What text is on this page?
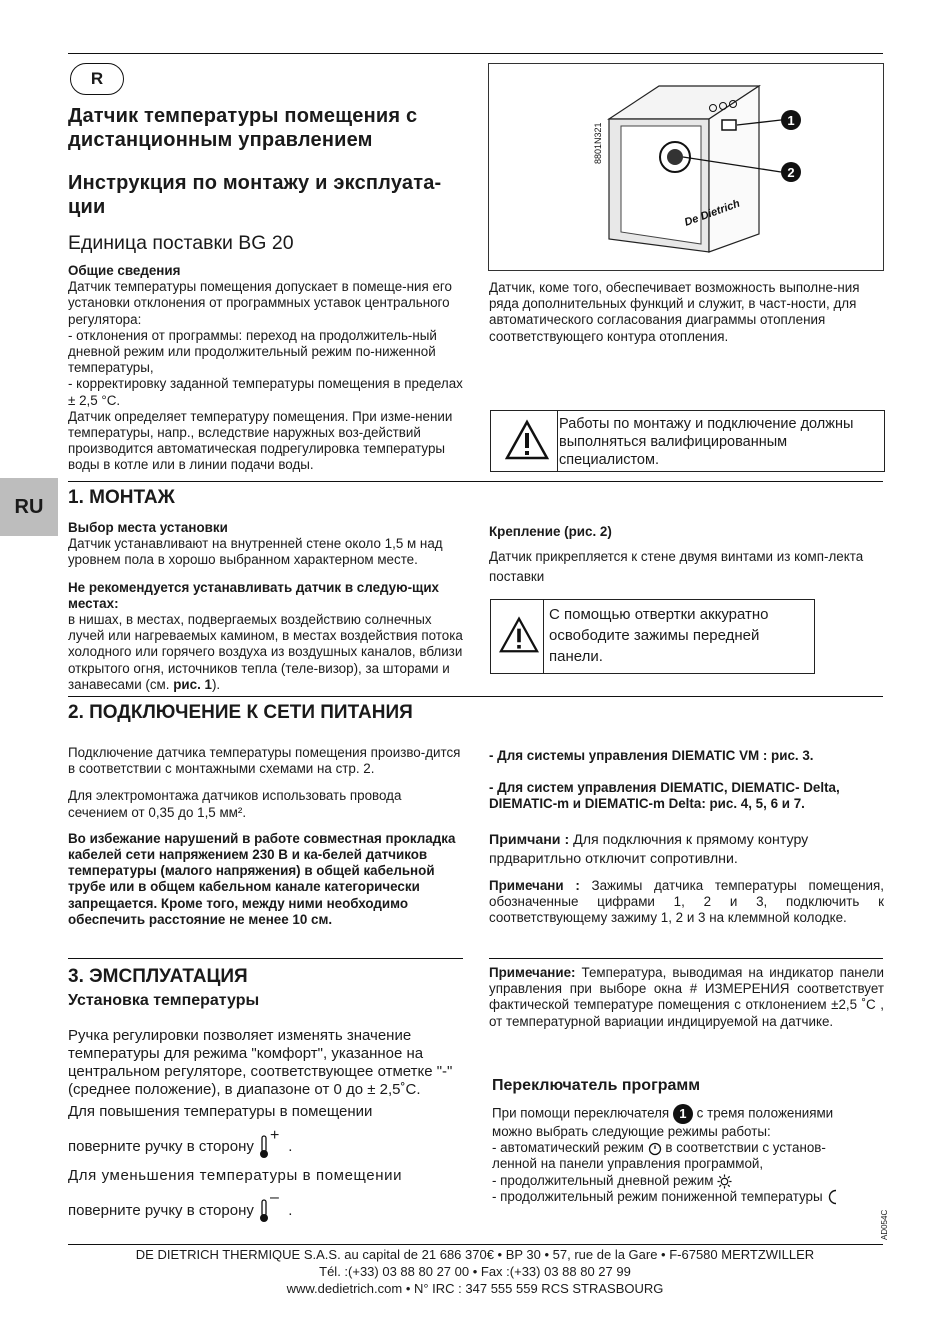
R
RU
Датчик температуры помещения с дистанционным управлением
Инструкция по монтажу и эксплуата-ции
Единица поставки BG 20
Общие сведения
Датчик температуры помещения допускает в помеще-ния его установки отклонения от программных уставок центрального регулятора:
- отклонения от программы: переход на продолжитель-ный дневной режим или продолжительный режим по-ниженной температуры,
- корректировку заданной температуры помещения в пределах ± 2,5 °C.
Датчик определяет температуру помещения. При изме-нении температуры, напр., вследствие наружных воз-действий производится автоматическая подрегулировка температуры воды в котле или в линии подачи воды.
De Dietrich
8801N321
1
2
Датчик, коме того, обеспечивает возможность выполне-ния ряда дополнительных функций и служит, в част-ности, для автоматического согласования диаграммы отопления соответствующего контура отопления.
Работы по монтажу и подключение должны выполняться валифицированным специалистом.
1. МОНТАЖ
Выбор места установки
Датчик устанавливают на внутренней стене около 1,5 м над уровнем пола в хорошо выбранном характерном месте.
Не рекомендуется устанавливать датчик в следую-щих местах:
в нишах, в местах, подвергаемых воздействию солнечных лучей или нагреваемых камином, в местах воздействия потока холодного или горячего воздуха из воздушных каналов, вблизи открытого огня, источников тепла (теле-визор), за шторами и занавесами (см. рис. 1).
Крепление (рис. 2)
Датчик прикрепляется к стене двумя винтами из комп-лекта поставки
С помощью отвертки аккуратно освободите зажимы передней панели.
2. ПОДКЛЮЧЕНИЕ К СЕТИ ПИТАНИЯ
Подключение датчика температуры помещения произво-дится в соответствии с монтажными схемами на стр. 2.
Для электромонтажа датчиков использовать провода сечением от 0,35 до 1,5 мм².
Во избежание нарушений в работе совместная прокладка кабелей сети напряжением 230 В и ка-белей датчиков температуры (малого напряжения) в общей кабельной трубе или в общем кабельном канале категорически запрещается. Кроме того, между ними необходимо обеспечить расстояние не менее 10 см.
- Для системы управления DIEMATIC VM : рис. 3.
- Для систем управления DIEMATIC, DIEMATIC- Delta, DIEMATIC-m и DIEMATIC-m Delta: рис. 4, 5, 6 и 7.
Примчани : Для подключния к прямому контуру прдваритльно отключит сопротивлни.
Примечани : Зажимы датчика температуры помещения, обозначенные цифрами 1, 2 и 3, подключить к соответствующему зажиму 1, 2 и 3 на клеммной колодке.
3. ЭМСПЛУАТАЦИЯ
Установка температуры
Ручка регулировки позволяет изменять значение температуры для режима "комфорт", указанное на центральном регуляторе, соответствующее отметке "-" (среднее положение), в диапазоне от 0 до ± 2,5˚C.
Для повышения температуры в помещении
поверните ручку в сторону
+
.
Для уменьшения температуры в помещении
поверните ручку в сторону
–
.
Примечание: Температура, выводимая на индикатор панели управления при выборе окна # ИЗМЕРЕНИЯ соответствует фактической температуре помещения с отклонением ±2,5 ˚C , от температурной вариации индицируемой на датчике.
Переключатель программ
При помощи переключателя 1 с тремя положениями
можно выбрать следующие режимы работы:
- автоматический режим в соответствии с установ-
ленной на панели управления программой,
- продолжительный дневной режим
- продолжительный режим пониженной температуры
AD054C
DE DIETRICH THERMIQUE S.A.S. au capital de 21 686 370€ • BP 30 • 57, rue de la Gare • F-67580 MERTZWILLER
Tél. :(+33) 03 88 80 27 00 • Fax :(+33) 03 88 80 27 99
www.dedietrich.com • N° IRC : 347 555 559 RCS STRASBOURG
